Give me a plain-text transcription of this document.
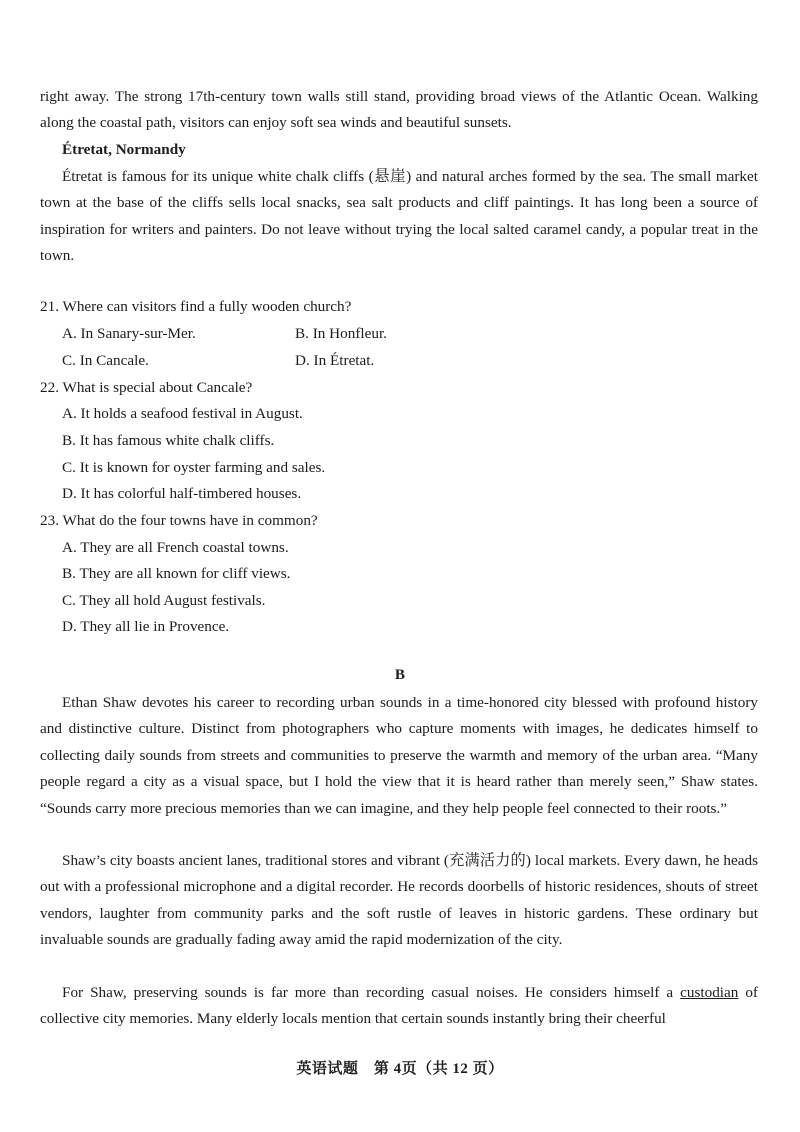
right away. The strong 17th-century town walls still stand, providing broad views of the Atlantic Ocean. Walking along the coastal path, visitors can enjoy soft sea winds and beautiful sunsets.

Étretat, Normandy

Étretat is famous for its unique white chalk cliffs (悬崖) and natural arches formed by the sea. The small market town at the base of the cliffs sells local snacks, sea salt products and cliff paintings. It has long been a source of inspiration for writers and painters. Do not leave without trying the local salted caramel candy, a popular treat in the town.

21. Where can visitors find a fully wooden church?

A. In Sanary-sur-Mer.	B. In Honfleur.

C. In Cancale.	D. In Étretat.

22. What is special about Cancale?

A. It holds a seafood festival in August.

B. It has famous white chalk cliffs.

C. It is known for oyster farming and sales.

D. It has colorful half-timbered houses.

23. What do the four towns have in common?

A. They are all French coastal towns.

B. They are all known for cliff views.

C. They all hold August festivals.

D. They all lie in Provence.

B

Ethan Shaw devotes his career to recording urban sounds in a time-honored city blessed with profound history and distinctive culture. Distinct from photographers who capture moments with images, he dedicates himself to collecting daily sounds from streets and communities to preserve the warmth and memory of the urban area. “Many people regard a city as a visual space, but I hold the view that it is heard rather than merely seen,” Shaw states. “Sounds carry more precious memories than we can imagine, and they help people feel connected to their roots.”

Shaw’s city boasts ancient lanes, traditional stores and vibrant (充满活力的) local markets. Every dawn, he heads out with a professional microphone and a digital recorder. He records doorbells of historic residences, shouts of street vendors, laughter from community parks and the soft rustle of leaves in historic gardens. These ordinary but invaluable sounds are gradually fading away amid the rapid modernization of the city.

For Shaw, preserving sounds is far more than recording casual noises. He considers himself a custodian of collective city memories. Many elderly locals mention that certain sounds instantly bring their cheerful

英语试题　第 4页（共 12 页）
